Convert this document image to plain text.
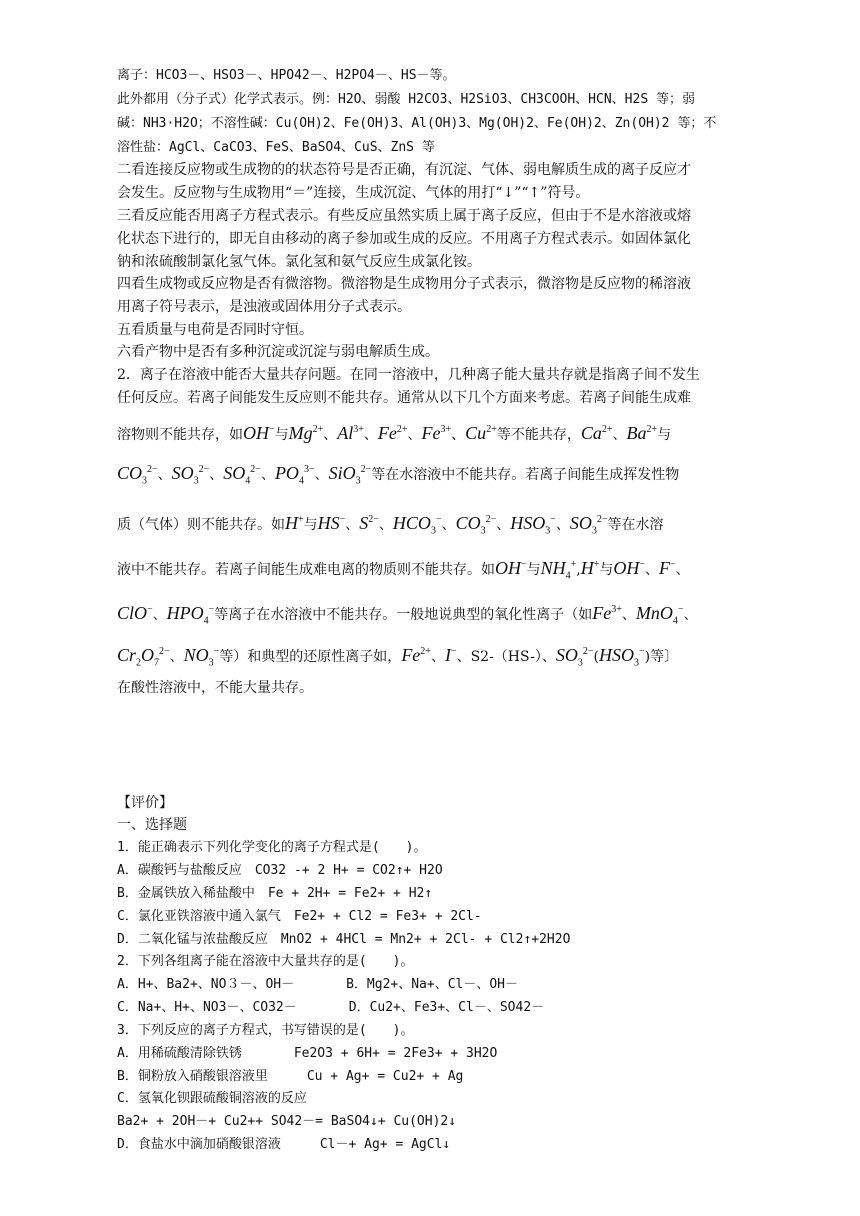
离子：HCO3－、HSO3－、HPO42－、H2PO4－、HS－等。
此外都用（分子式）化学式表示。例：H2O、弱酸 H2CO3、H2SiO3、CH3COOH、HCN、H2S 等；弱
碱：NH3·H2O；不溶性碱：Cu(OH)2、Fe(OH)3、Al(OH)3、Mg(OH)2、Fe(OH)2、Zn(OH)2 等；不
溶性盐：AgCl、CaCO3、FeS、BaSO4、CuS、ZnS 等
二看连接反应物或生成物的的状态符号是否正确，有沉淀、气体、弱电解质生成的离子反应才
会发生。反应物与生成物用“＝”连接，生成沉淀、气体的用打“↓”“↑”符号。
三看反应能否用离子方程式表示。有些反应虽然实质上属于离子反应，但由于不是水溶液或熔
化状态下进行的，即无自由移动的离子参加或生成的反应。不用离子方程式表示。如固体氯化
钠和浓硫酸制氯化氢气体。氯化氢和氨气反应生成氯化铵。
四看生成物或反应物是否有微溶物。微溶物是生成物用分子式表示，微溶物是反应物的稀溶液
用离子符号表示，是浊液或固体用分子式表示。
五看质量与电荷是否同时守恒。
六看产物中是否有多种沉淀或沉淀与弱电解质生成。
2．离子在溶液中能否大量共存问题。在同一溶液中，几种离子能大量共存就是指离子间不发生
任何反应。若离子间能发生反应则不能共存。通常从以下几个方面来考虑。若离子间能生成难
溶物则不能共存，如OH−与$Mg^{2+}$、$Al^{3+}$、$Fe^{2+}$、$Fe^{3+}$、$Cu^{2+}$等不能共存，$Ca^{2+}$、$Ba^{2+}$与
$CO_3^{2-}$、$SO_3^{2-}$、$SO_4^{2-}$、$PO_4^{3-}$、SiO$_3^{2-}$等在水溶液中不能共存。若离子间能生成挥发性物
质（气体）则不能共存。如H+与HS−、$S^{2-}$、$HCO_3^-$、$CO_3^{2-}$、$HSO_3^-$、$SO_3^{2-}$等在水溶
液中不能共存。若离子间能生成难电离的物质则不能共存。如OH−与$NH_4^+,H^+$与OH−、F−、
ClO−、$HPO_4^-$等离子在水溶液中不能共存。一般地说典型的氧化性离子（如$Fe^{3+}$、MnO$_4$−、
$Cr_2O_7^{2-}$、$NO_3^-$等）和典型的还原性离子如，$Fe^{2+}$、I−、S2-（HS-）、$SO_3^{2-}(HSO_3^-)$等〕
在酸性溶液中，不能大量共存。
【评价】
一、选择题
1．能正确表示下列化学变化的离子方程式是(　　)。
A．碳酸钙与盐酸反应　CO32 -+ 2 H+ = CO2↑+ H2O
B．金属铁放入稀盐酸中　Fe + 2H+ = Fe2+ + H2↑
C．氯化亚铁溶液中通入氯气　Fe2+ + Cl2 = Fe3+ + 2Cl-
D．二氧化锰与浓盐酸反应　MnO2 + 4HCl = Mn2+ + 2Cl- + Cl2↑+2H2O
2．下列各组离子能在溶液中大量共存的是(　　)。
A．H+、Ba2+、NO３－、OH－　　　　B．Mg2+、Na+、Cl－、OH－
C．Na+、H+、NO3－、CO32－　　　　D．Cu2+、Fe3+、Cl－、SO42－
3．下列反应的离子方程式，书写错误的是(　　)。
A．用稀硫酸清除铁锈　　　　Fe2O3 + 6H+ = 2Fe3+ + 3H2O
B．铜粉放入硝酸银溶液里　　　Cu + Ag+ = Cu2+ + Ag
C．氢氧化钡跟硫酸铜溶液的反应
Ba2+ + 2OH－+ Cu2++ SO42－= BaSO4↓+ Cu(OH)2↓
D．食盐水中滴加硝酸银溶液　　　Cl－+ Ag+ = AgCl↓
